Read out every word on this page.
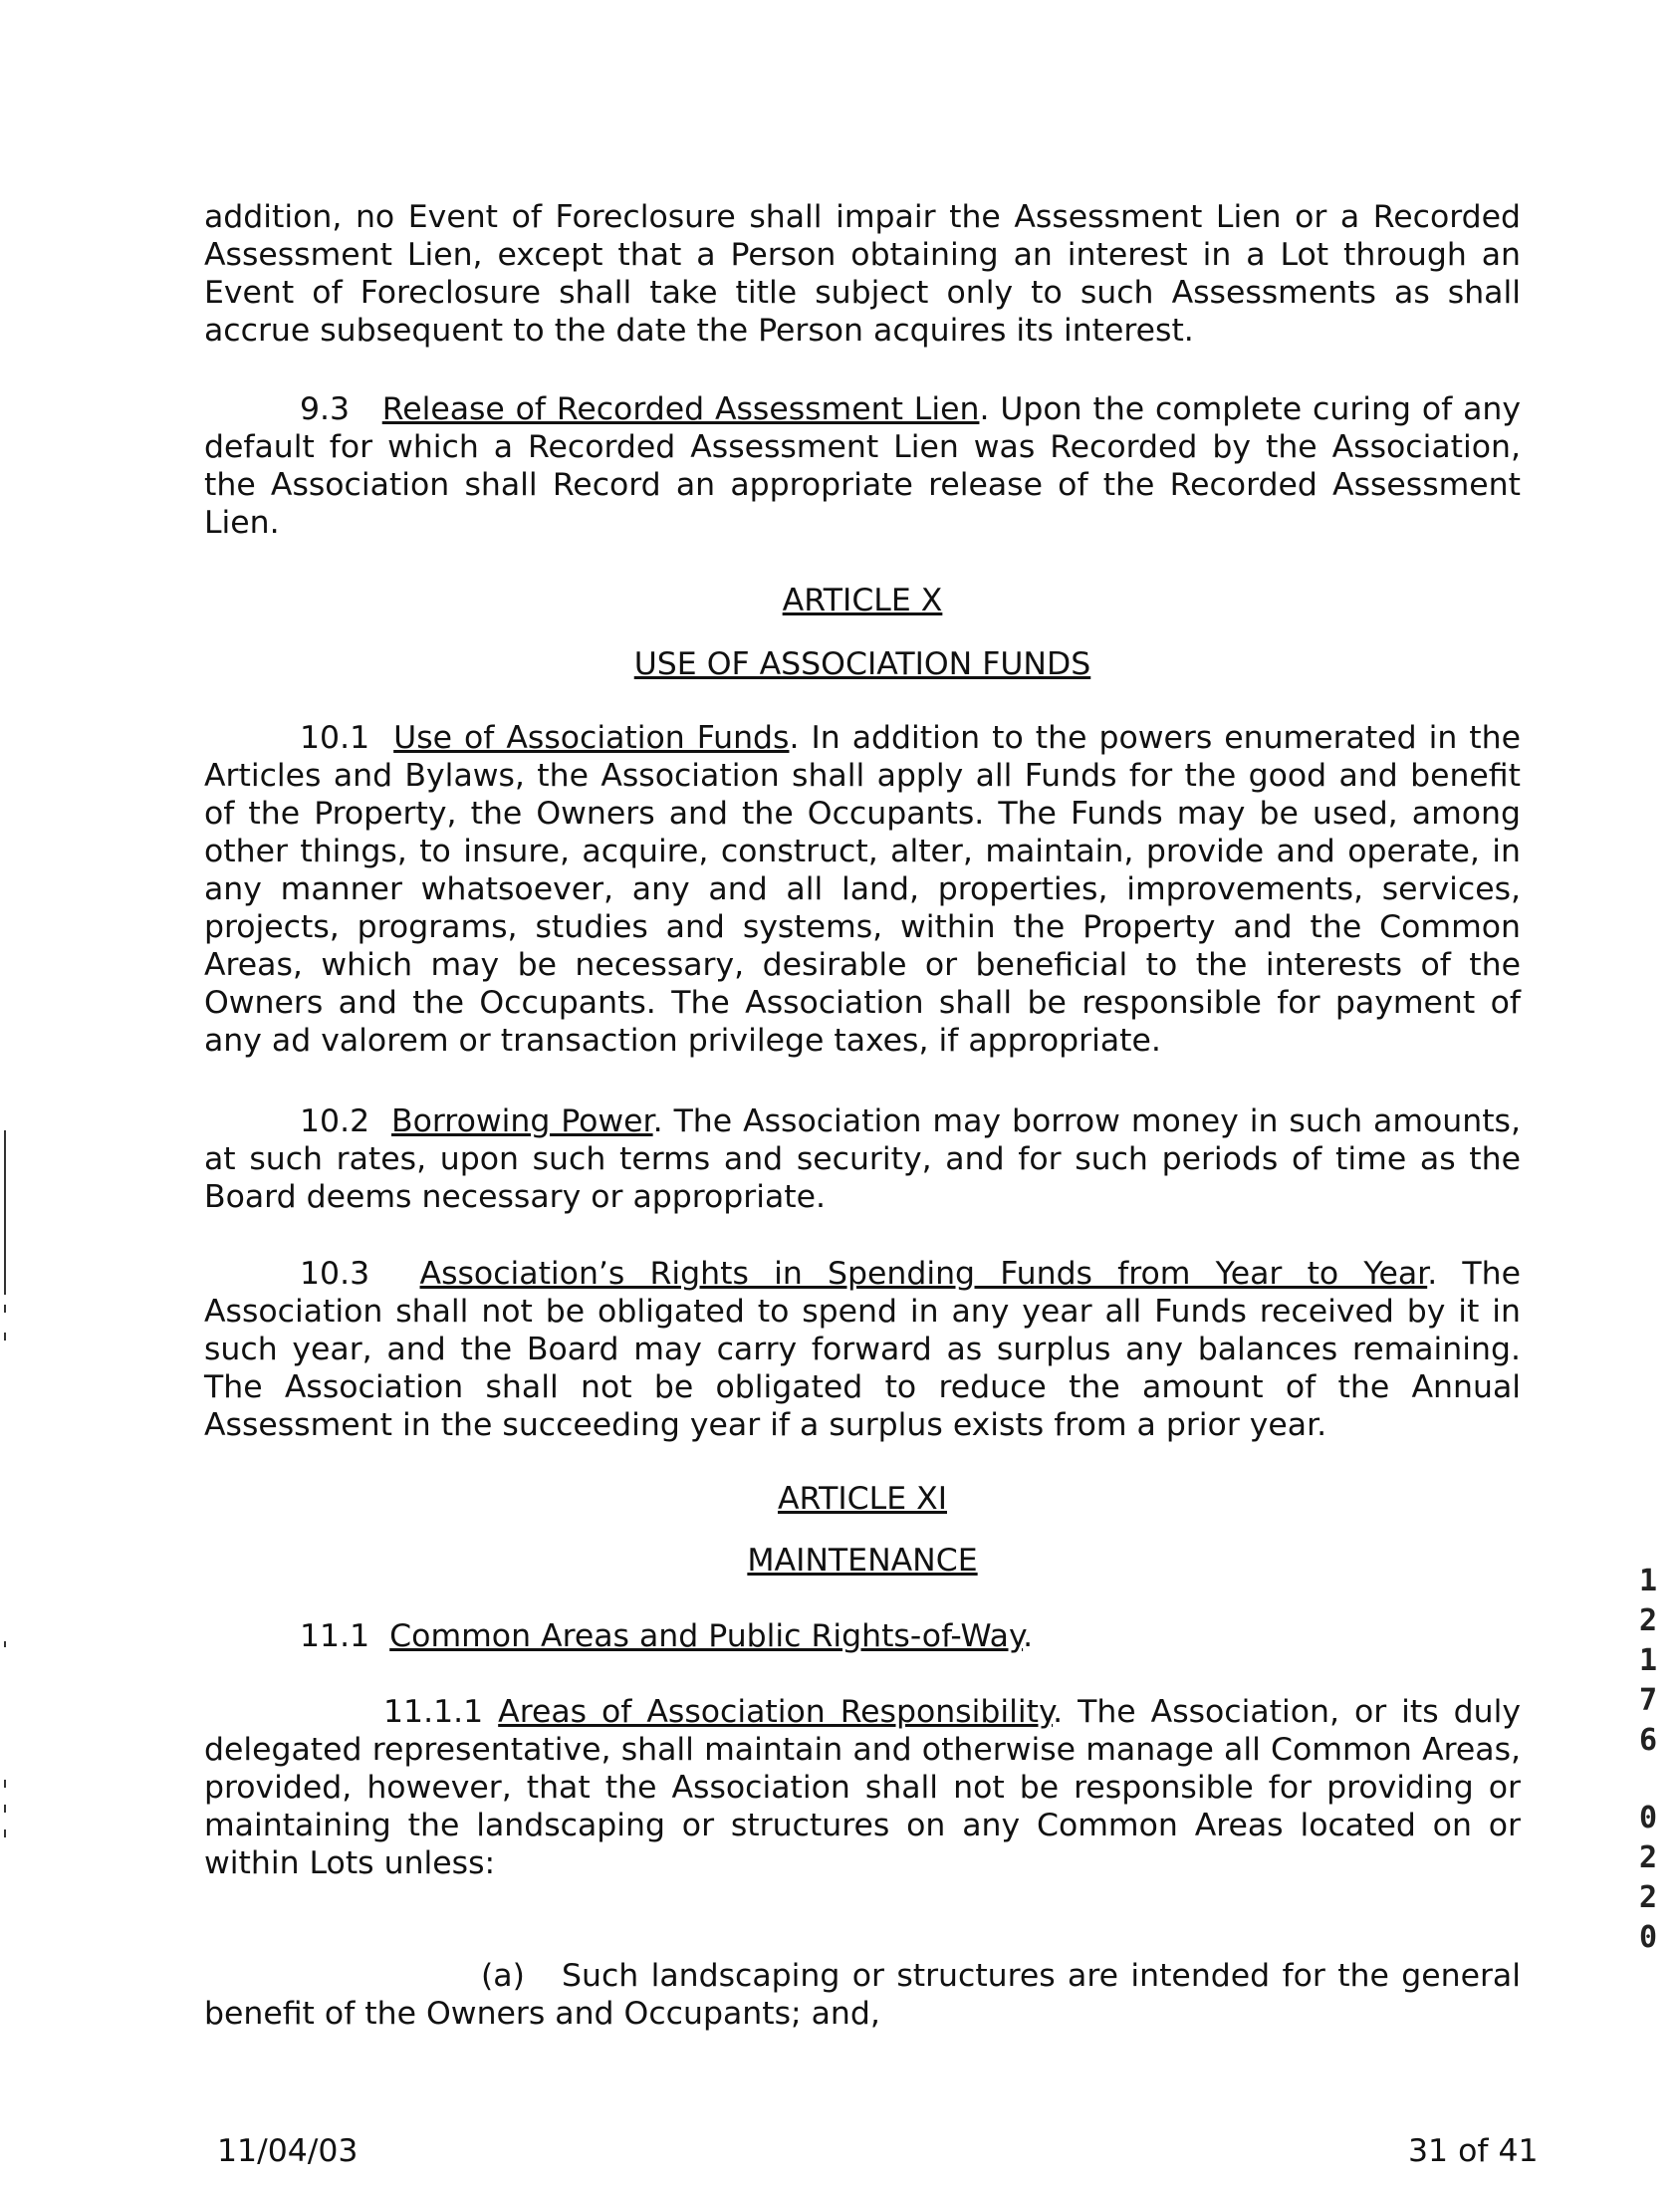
addition, no Event of Foreclosure shall impair the Assessment Lien or a Recorded Assessment Lien, except that a Person obtaining an interest in a Lot through an Event of Foreclosure shall take title subject only to such Assessments as shall accrue subsequent to the date the Person acquires its interest.

9.3 Release of Recorded Assessment Lien. Upon the complete curing of any default for which a Recorded Assessment Lien was Recorded by the Association, the Association shall Record an appropriate release of the Recorded Assessment Lien.

ARTICLE X

USE OF ASSOCIATION FUNDS

10.1 Use of Association Funds. In addition to the powers enumerated in the Articles and Bylaws, the Association shall apply all Funds for the good and benefit of the Property, the Owners and the Occupants. The Funds may be used, among other things, to insure, acquire, construct, alter, maintain, provide and operate, in any manner whatsoever, any and all land, properties, improvements, services, projects, programs, studies and systems, within the Property and the Common Areas, which may be necessary, desirable or beneficial to the interests of the Owners and the Occupants. The Association shall be responsible for payment of any ad valorem or transaction privilege taxes, if appropriate.

10.2 Borrowing Power. The Association may borrow money in such amounts, at such rates, upon such terms and security, and for such periods of time as the Board deems necessary or appropriate.

10.3 Association’s Rights in Spending Funds from Year to Year. The Association shall not be obligated to spend in any year all Funds received by it in such year, and the Board may carry forward as surplus any balances remaining. The Association shall not be obligated to reduce the amount of the Annual Assessment in the succeeding year if a surplus exists from a prior year.

ARTICLE XI

MAINTENANCE

11.1 Common Areas and Public Rights-of-Way.

11.1.1 Areas of Association Responsibility. The Association, or its duly delegated representative, shall maintain and otherwise manage all Common Areas, provided, however, that the Association shall not be responsible for providing or maintaining the landscaping or structures on any Common Areas located on or within Lots unless:

(a) Such landscaping or structures are intended for the general benefit of the Owners and Occupants; and,

11/04/03	31 of 41
1
2
1
7
6
0
2
2
0
